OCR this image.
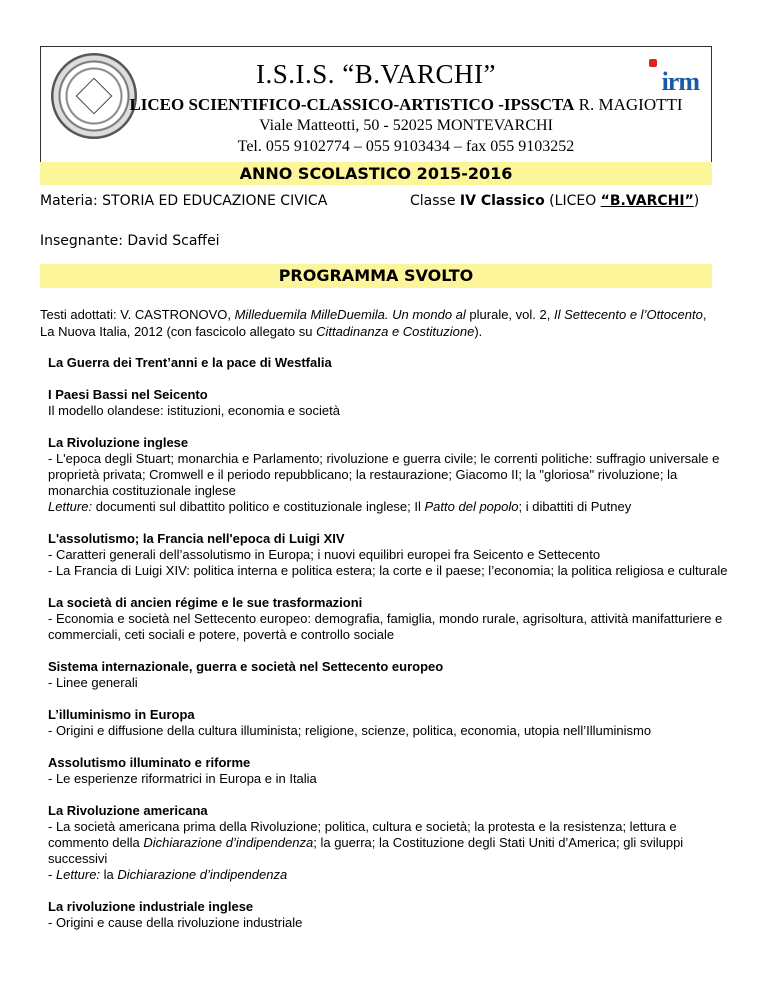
irm
I.S.I.S. “B.VARCHI”
LICEO SCIENTIFICO-CLASSICO-ARTISTICO -IPSSCTA R. MAGIOTTI
Viale Matteotti, 50 - 52025 MONTEVARCHI
Tel. 055 9102774 – 055 9103434 – fax 055 9103252
ANNO SCOLASTICO 2015-2016
Materia: STORIA ED EDUCAZIONE CIVICA	Classe IV Classico (LICEO “B.VARCHI”)
Insegnante: David Scaffei
PROGRAMMA SVOLTO
Testi adottati: V. CASTRONOVO, Milleduemila MilleDuemila. Un mondo al plurale, vol. 2, Il Settecento e l’Ottocento, La Nuova Italia, 2012 (con fascicolo allegato su Cittadinanza e Costituzione).

La Guerra dei Trent’anni e la pace di Westfalia

I Paesi Bassi nel Seicento

Il modello olandese: istituzioni, economia e società

La Rivoluzione inglese

- L'epoca degli Stuart; monarchia e Parlamento; rivoluzione e guerra civile; le correnti politiche: suffragio universale e proprietà privata; Cromwell e il periodo repubblicano; la restaurazione; Giacomo II; la "gloriosa" rivoluzione; la monarchia costituzionale inglese

Letture: documenti sul dibattito politico e costituzionale inglese; Il Patto del popolo; i dibattiti di Putney

L'assolutismo; la Francia nell'epoca di Luigi XIV

- Caratteri generali dell’assolutismo in Europa; i nuovi equilibri europei fra Seicento e Settecento

- La Francia di Luigi XIV: politica interna e politica estera; la corte e il paese; l’economia; la politica religiosa e culturale

La società di ancien régime e le sue trasformazioni

- Economia e società nel Settecento europeo: demografia, famiglia, mondo rurale, agrisoltura, attività manifatturiere e commerciali, ceti sociali e potere, povertà e controllo sociale

Sistema internazionale, guerra e società nel Settecento europeo

- Linee generali

L’illuminismo in Europa

- Origini e diffusione della cultura illuminista; religione, scienze, politica, economia, utopia nell’Illuminismo

Assolutismo illuminato e riforme

- Le esperienze riformatrici in Europa e in Italia

La Rivoluzione americana

- La società americana prima della Rivoluzione; politica, cultura e società; la protesta e la resistenza; lettura e commento della Dichiarazione d’indipendenza; la guerra; la Costituzione degli Stati Uniti d’America; gli sviluppi successivi

- Letture: la Dichiarazione d’indipendenza

La rivoluzione industriale inglese

- Origini e cause della rivoluzione industriale
